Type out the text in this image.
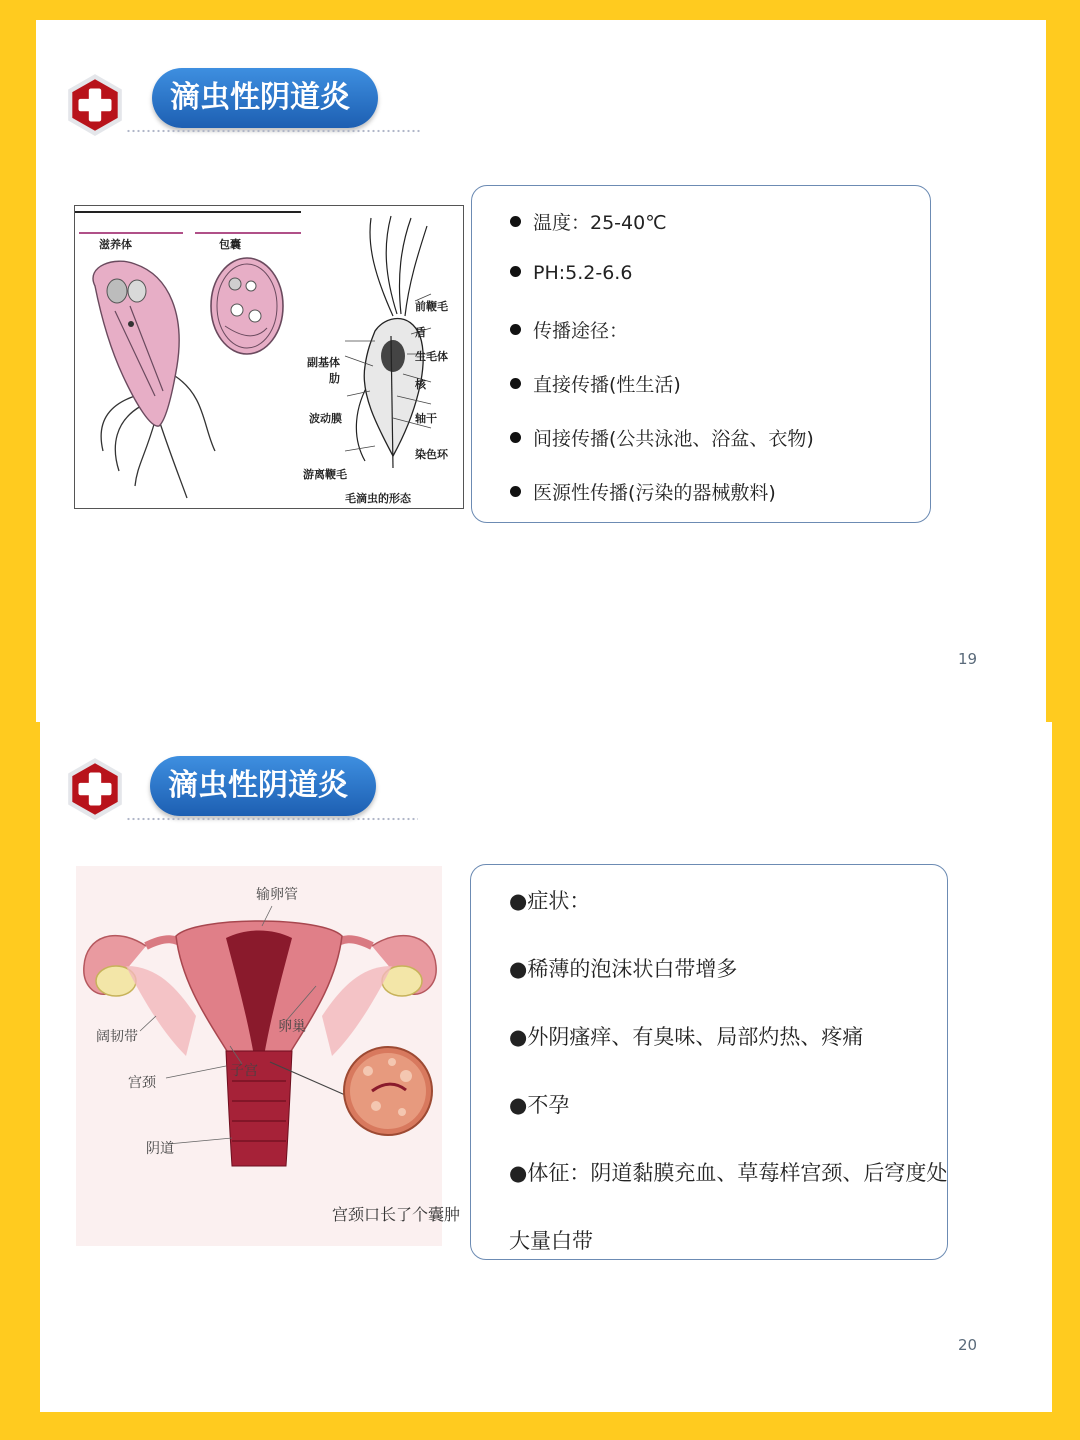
滴虫性阴道炎
滋养体	包囊
前鞭毛
盾
生毛体
副基体
肋	核
波动膜	轴干
染色环
游离鞭毛
毛滴虫的形态
温度：25-40℃
PH:5.2-6.6
传播途径：
直接传播(性生活)
间接传播(公共泳池、浴盆、衣物)
医源性传播(污染的器械敷料)
19
滴虫性阴道炎
输卵管
阔韧带
卵巢
宫颈
子宫
阴道
宫颈口长了个囊肿
●症状：
●稀薄的泡沫状白带增多
●外阴瘙痒、有臭味、局部灼热、疼痛
●不孕
●体征：阴道黏膜充血、草莓样宫颈、后穹度处
大量白带
20
